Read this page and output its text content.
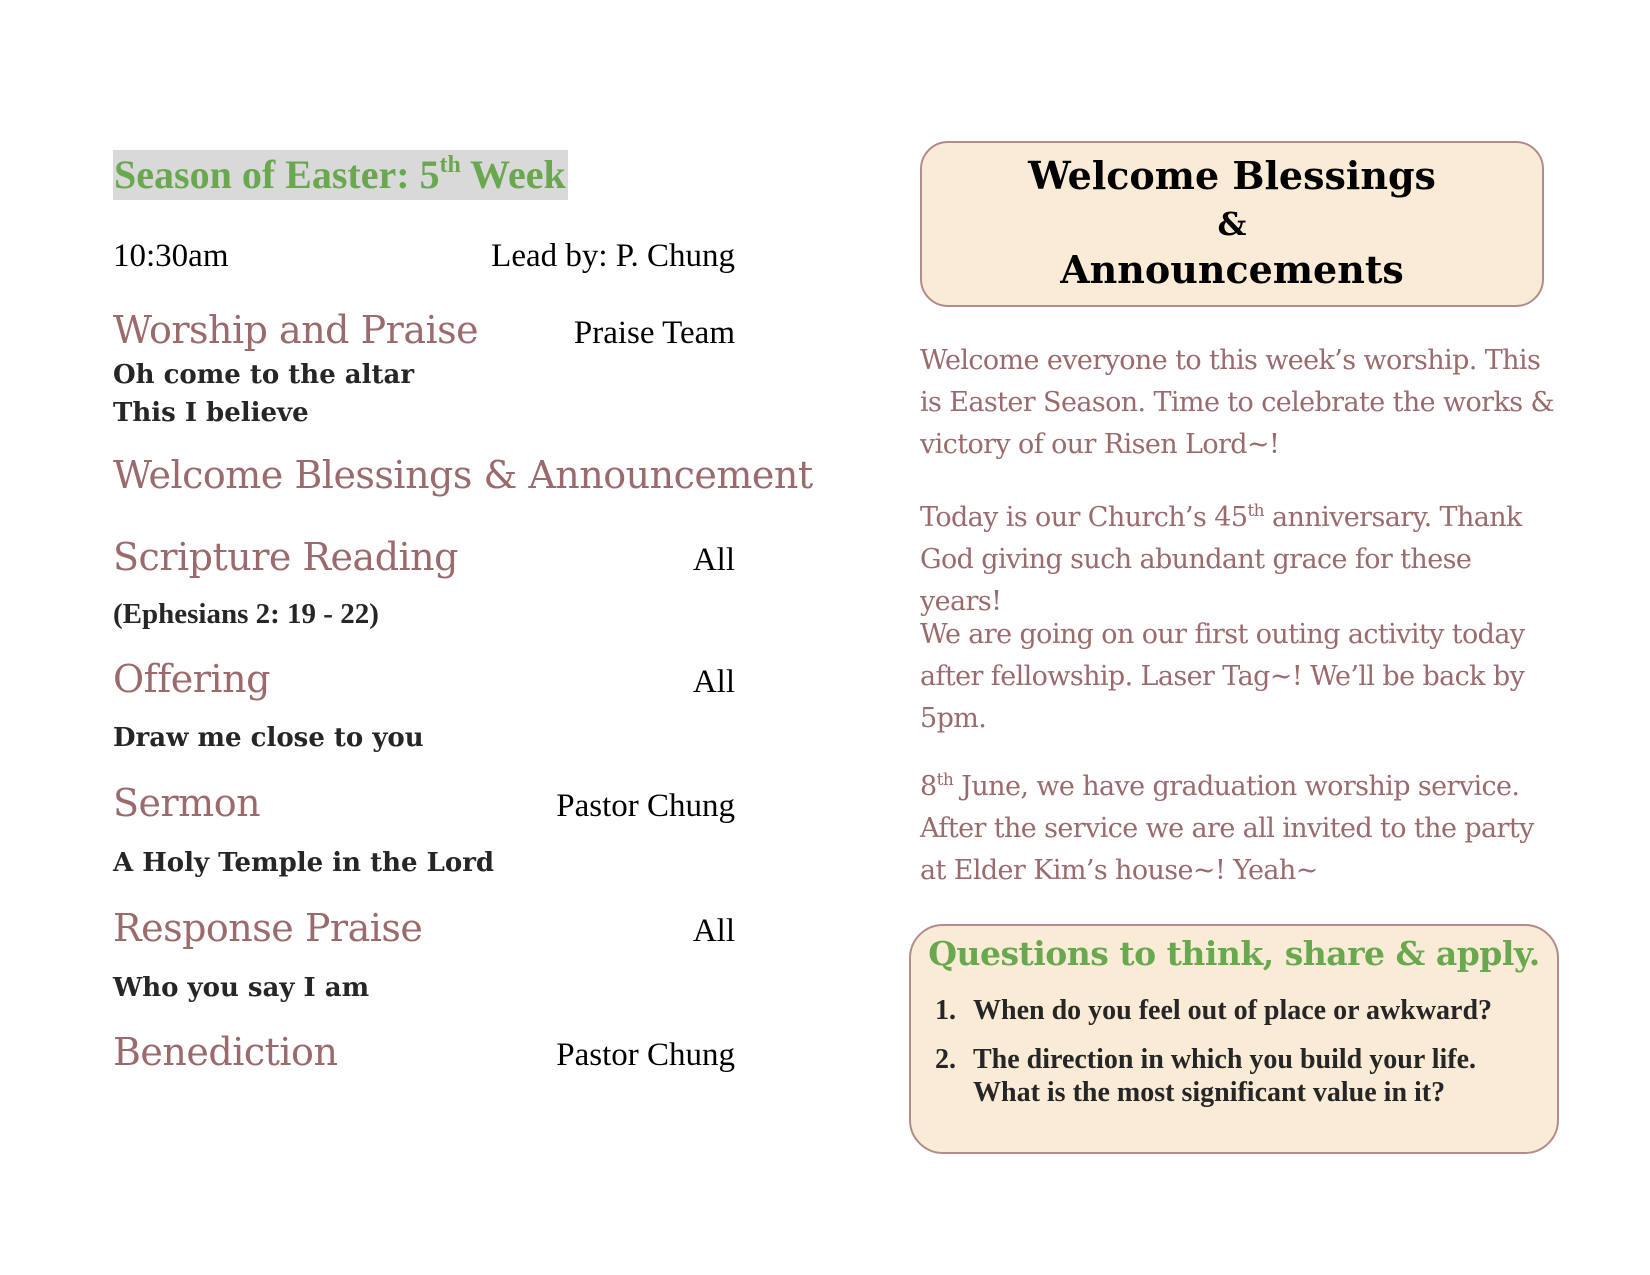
Season of Easter: 5th Week
10:30am	Lead by: P. Chung
Worship and Praise	Praise Team
Oh come to the altar
This I believe
Welcome Blessings & Announcement
Scripture Reading	All
(Ephesians 2: 19 - 22)
Offering	All
Draw me close to you
Sermon	Pastor Chung
A Holy Temple in the Lord
Response Praise	All
Who you say I am
Benediction	Pastor Chung
Welcome Blessings
&
Announcements
Welcome everyone to this week’s worship. This is Easter Season. Time to celebrate the works & victory of our Risen Lord~!
Today is our Church’s 45th anniversary. Thank God giving such abundant grace for these years!
We are going on our first outing activity today after fellowship. Laser Tag~! We’ll be back by 5pm.
8th June, we have graduation worship service. After the service we are all invited to the party at Elder Kim’s house~! Yeah~
Questions to think, share & apply.
1. When do you feel out of place or awkward?
2. The direction in which you build your life. What is the most significant value in it?
